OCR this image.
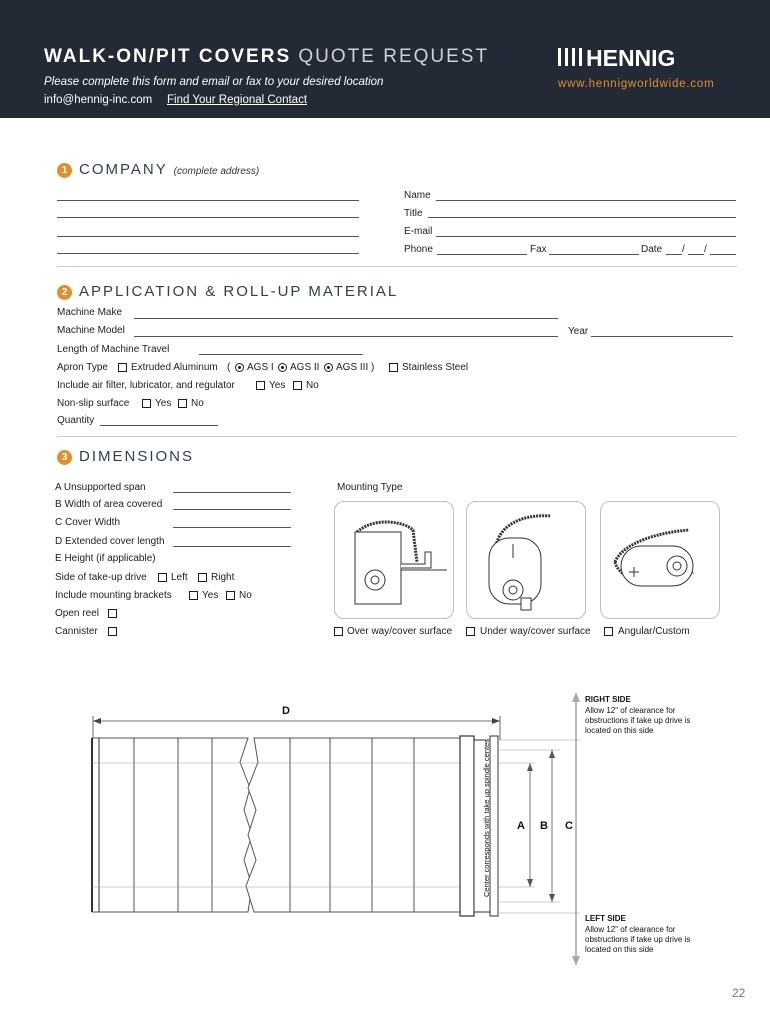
WALK-ON/PIT COVERS QUOTE REQUEST
Please complete this form and email or fax to your desired location
info@hennig-inc.com Find Your Regional Contact
HENNIG
www.hennigworldwide.com
1 COMPANY (complete address)
Name
Title
E-mail
Phone	Fax	Date / /
2 APPLICATION & ROLL-UP MATERIAL
Machine Make
Machine Model	Year
Length of Machine Travel
Apron Type Extruded Aluminum ( AGS I AGS II AGS III )	Stainless Steel
Include air filter, lubricator, and regulator	Yes No
Non-slip surface	Yes No
Quantity
3 DIMENSIONS
A Unsupported span
B Width of area covered
C Cover Width
D Extended cover length
E Height (if applicable)
Side of take-up drive Left Right
Include mounting brackets	Yes No
Open reel
Cannister
Mounting Type
Over way/cover surface	Under way/cover surface	Angular/Custom
D
A B C
Center corresponds with take up spindle center
RIGHT SIDE
Allow 12" of clearance for obstructions if take up drive is located on this side
LEFT SIDE
Allow 12" of clearance for obstructions if take up drive is located on this side
22
